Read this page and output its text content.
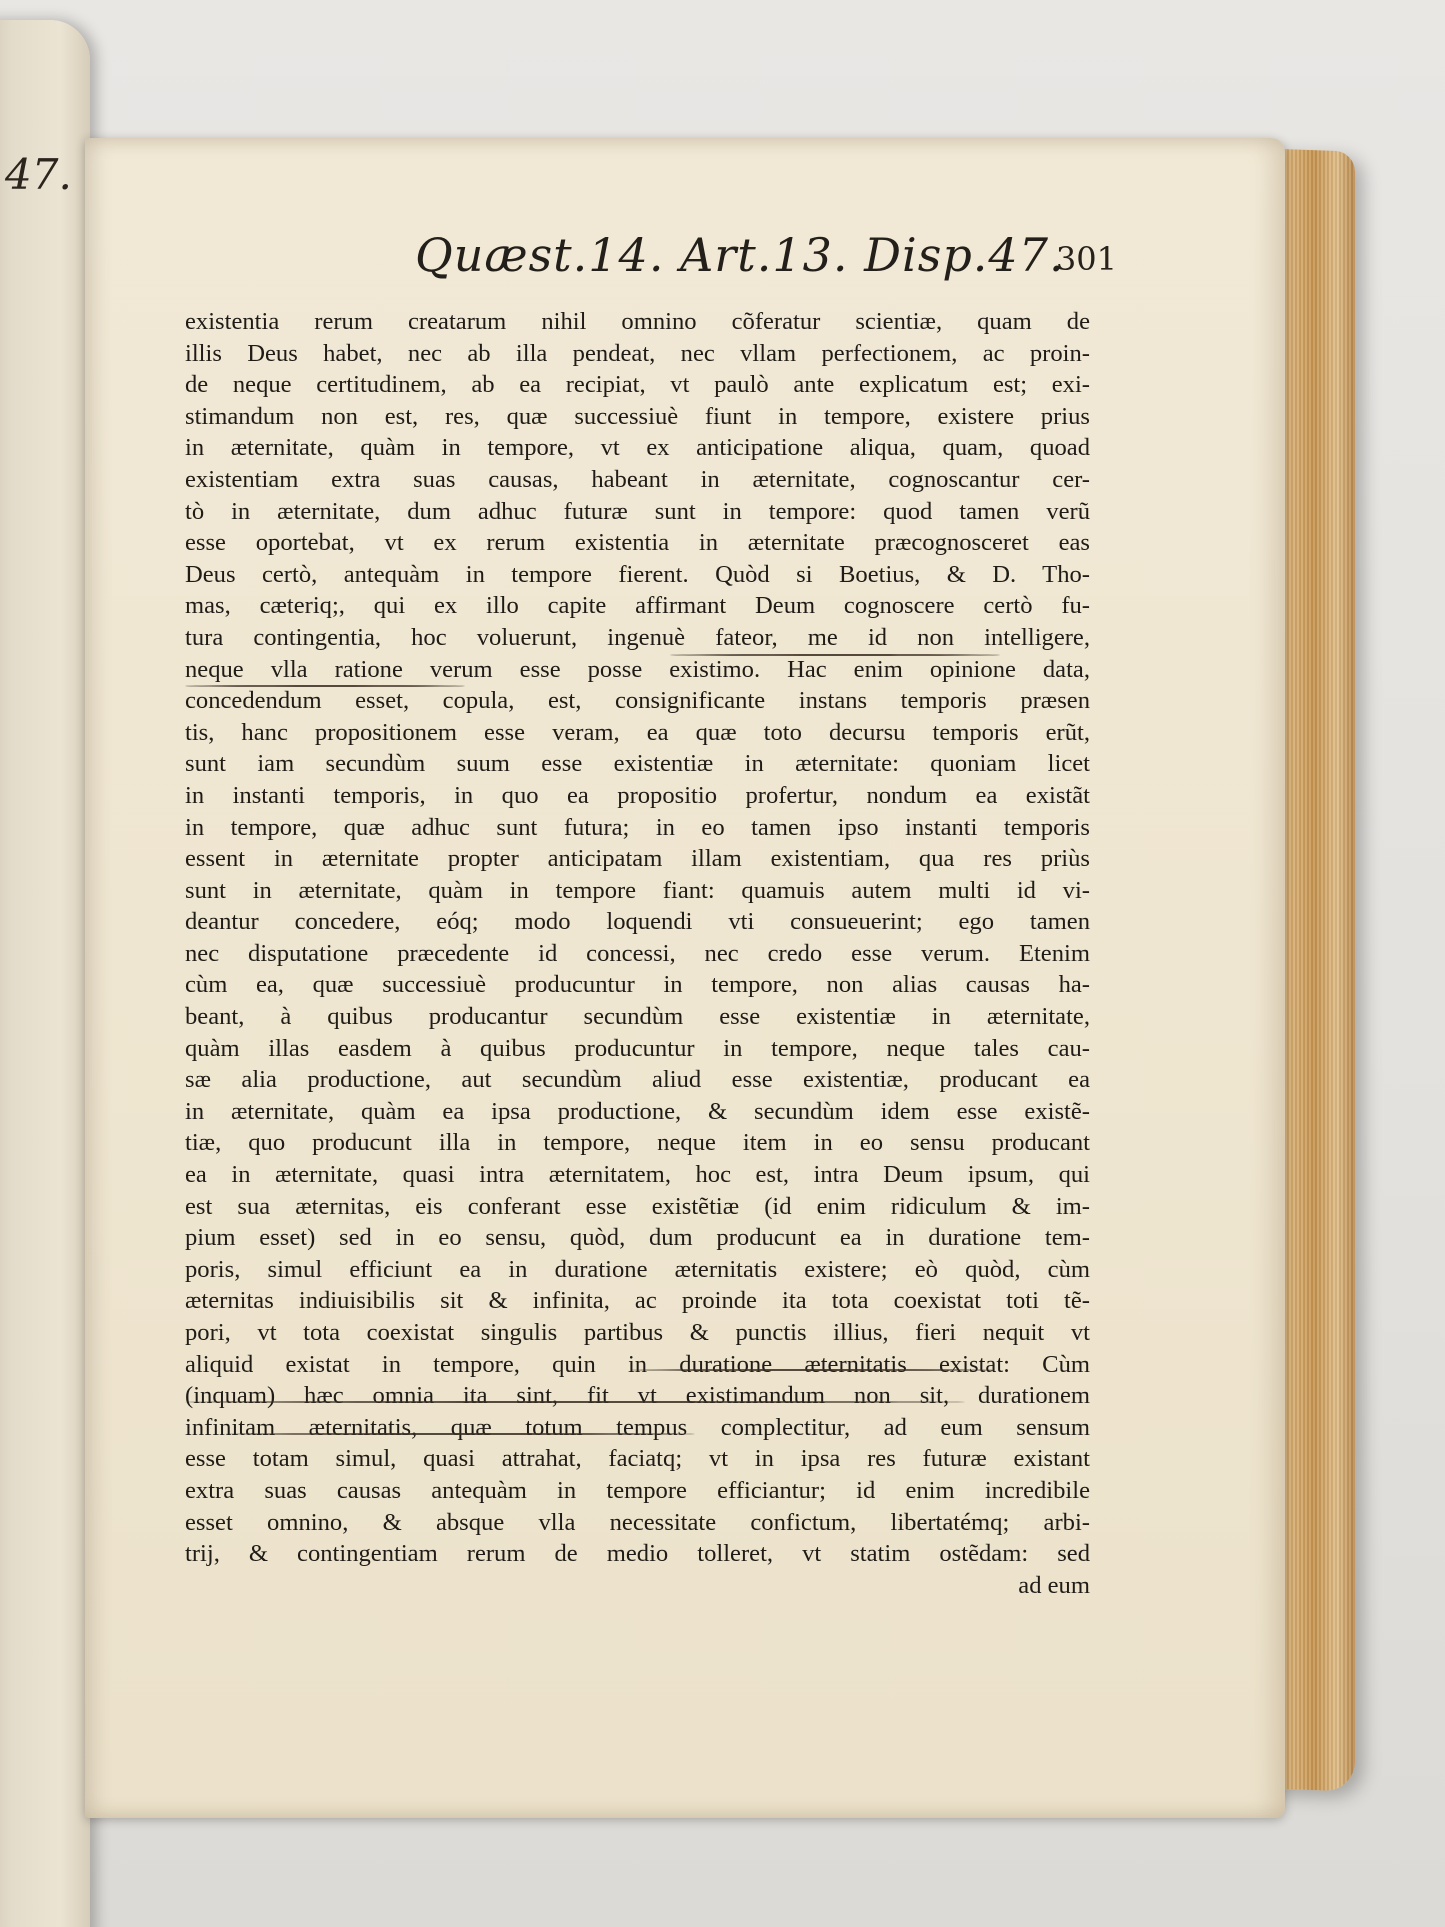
47.
Quæst.14. Art.13. Disp.47.
301
existentia rerum creatarum nihil omnino cõferatur scientiæ, quam de
illis Deus habet, nec ab illa pendeat, nec vllam perfectionem, ac proin-
de neque certitudinem, ab ea recipiat, vt paulò ante explicatum est; exi-
stimandum non est, res, quæ successiuè fiunt in tempore, existere prius
in æternitate, quàm in tempore, vt ex anticipatione aliqua, quam, quoad
existentiam extra suas causas, habeant in æternitate, cognoscantur cer-
tò in æternitate, dum adhuc futuræ sunt in tempore: quod tamen verũ
esse oportebat, vt ex rerum existentia in æternitate præcognosceret eas
Deus certò, antequàm in tempore fierent. Quòd si Boetius, & D. Tho-
mas, cæteriq;, qui ex illo capite affirmant Deum cognoscere certò fu-
tura contingentia, hoc voluerunt, ingenuè fateor, me id non intelligere,
neque vlla ratione verum esse posse existimo. Hac enim opinione data,
concedendum esset, copula, est, consignificante instans temporis præsen
tis, hanc propositionem esse veram, ea quæ toto decursu temporis erũt,
sunt iam secundùm suum esse existentiæ in æternitate: quoniam licet
in instanti temporis, in quo ea propositio profertur, nondum ea existãt
in tempore, quæ adhuc sunt futura; in eo tamen ipso instanti temporis
essent in æternitate propter anticipatam illam existentiam, qua res priùs
sunt in æternitate, quàm in tempore fiant: quamuis autem multi id vi-
deantur concedere, eóq; modo loquendi vti consueuerint; ego tamen
nec disputatione præcedente id concessi, nec credo esse verum. Etenim
cùm ea, quæ successiuè producuntur in tempore, non alias causas ha-
beant, à quibus producantur secundùm esse existentiæ in æternitate,
quàm illas easdem à quibus producuntur in tempore, neque tales cau-
sæ alia productione, aut secundùm aliud esse existentiæ, producant ea
in æternitate, quàm ea ipsa productione, & secundùm idem esse existẽ-
tiæ, quo producunt illa in tempore, neque item in eo sensu producant
ea in æternitate, quasi intra æternitatem, hoc est, intra Deum ipsum, qui
est sua æternitas, eis conferant esse existẽtiæ (id enim ridiculum & im-
pium esset) sed in eo sensu, quòd, dum producunt ea in duratione tem-
poris, simul efficiunt ea in duratione æternitatis existere; eò quòd, cùm
æternitas indiuisibilis sit & infinita, ac proinde ita tota coexistat toti tẽ-
pori, vt tota coexistat singulis partibus & punctis illius, fieri nequit vt
aliquid existat in tempore, quin in duratione æternitatis existat: Cùm
(inquam) hæc omnia ita sint, fit vt existimandum non sit, durationem
infinitam æternitatis, quæ totum tempus complectitur, ad eum sensum
esse totam simul, quasi attrahat, faciatq; vt in ipsa res futuræ existant
extra suas causas antequàm in tempore efficiantur; id enim incredibile
esset omnino, & absque vlla necessitate confictum, libertatémq; arbi-
trij, & contingentiam rerum de medio tolleret, vt statim ostẽdam: sed
ad eum
